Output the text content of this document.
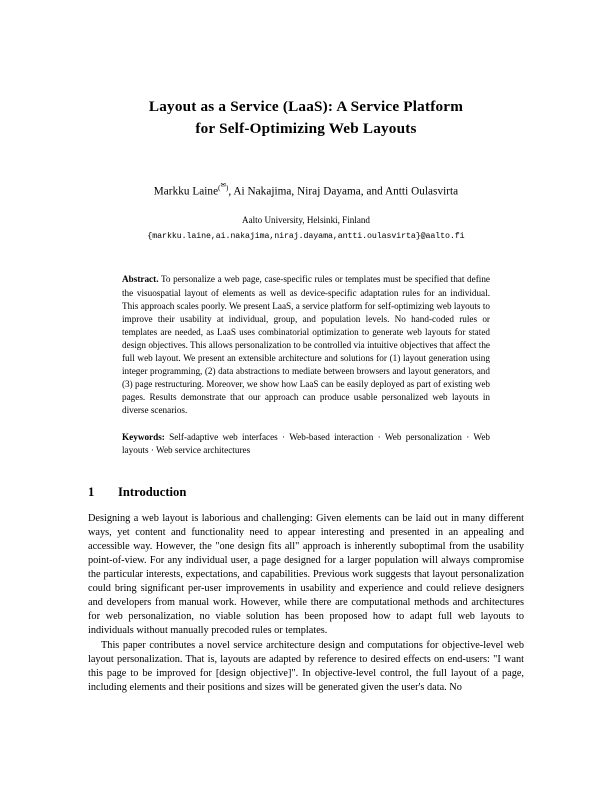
Layout as a Service (LaaS): A Service Platform
for Self-Optimizing Web Layouts
Markku Laine(✉), Ai Nakajima, Niraj Dayama, and Antti Oulasvirta
Aalto University, Helsinki, Finland
{markku.laine,ai.nakajima,niraj.dayama,antti.oulasvirta}@aalto.fi
Abstract. To personalize a web page, case-specific rules or templates must be specified that define the visuospatial layout of elements as well as device-specific adaptation rules for an individual. This approach scales poorly. We present LaaS, a service platform for self-optimizing web layouts to improve their usability at individual, group, and population levels. No hand-coded rules or templates are needed, as LaaS uses combinatorial optimization to generate web layouts for stated design objectives. This allows personalization to be controlled via intuitive objectives that affect the full web layout. We present an extensible architecture and solutions for (1) layout generation using integer programming, (2) data abstractions to mediate between browsers and layout generators, and (3) page restructuring. Moreover, we show how LaaS can be easily deployed as part of existing web pages. Results demonstrate that our approach can produce usable personalized web layouts in diverse scenarios.
Keywords: Self-adaptive web interfaces · Web-based interaction · Web personalization · Web layouts · Web service architectures
1	Introduction

Designing a web layout is laborious and challenging: Given elements can be laid out in many different ways, yet content and functionality need to appear interesting and presented in an appealing and accessible way. However, the "one design fits all" approach is inherently suboptimal from the usability point-of-view. For any individual user, a page designed for a larger population will always compromise the particular interests, expectations, and capabilities. Previous work suggests that layout personalization could bring significant per-user improvements in usability and experience and could relieve designers and developers from manual work. However, while there are computational methods and architectures for web personalization, no viable solution has been proposed how to adapt full web layouts to individuals without manually precoded rules or templates.

This paper contributes a novel service architecture design and computations for objective-level web layout personalization. That is, layouts are adapted by reference to desired effects on end-users: "I want this page to be improved for [design objective]". In objective-level control, the full layout of a page, including elements and their positions and sizes will be generated given the user's data. No
